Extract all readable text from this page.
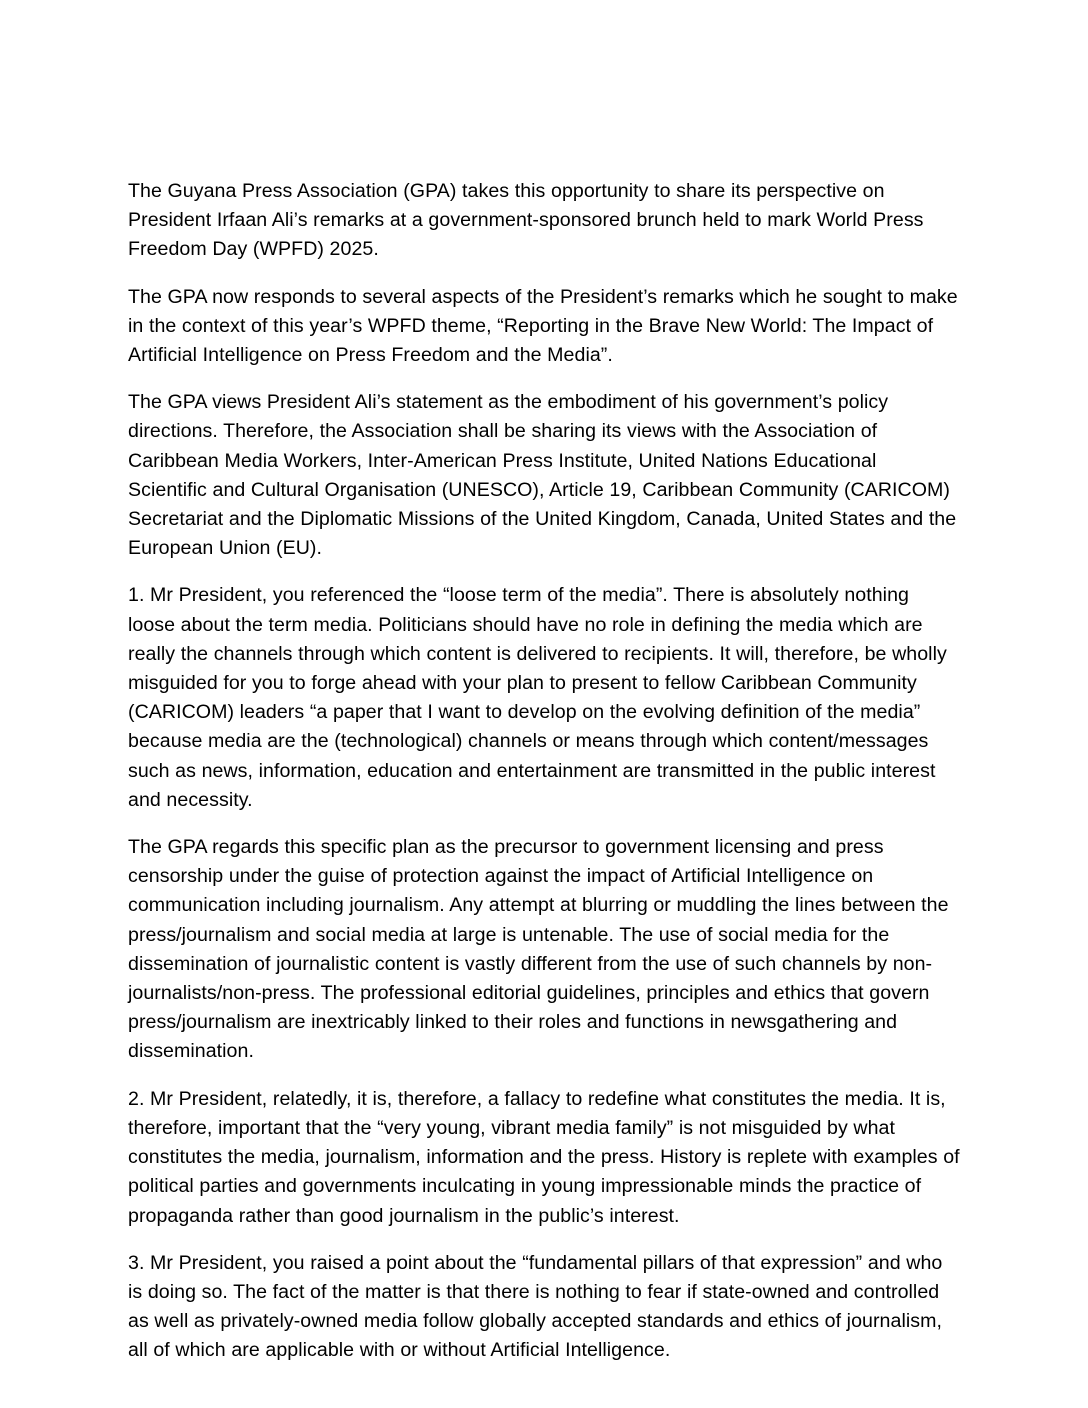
The Guyana Press Association (GPA) takes this opportunity to share its perspective on President Irfaan Ali’s remarks at a government-sponsored brunch held to mark World Press Freedom Day (WPFD) 2025.

The GPA now responds to several aspects of the President’s remarks which he sought to make in the context of this year’s WPFD theme, “Reporting in the Brave New World: The Impact of Artificial Intelligence on Press Freedom and the Media”.

The GPA views President Ali’s statement as the embodiment of his government’s policy directions. Therefore, the Association shall be sharing its views with the Association of Caribbean Media Workers, Inter-American Press Institute, United Nations Educational Scientific and Cultural Organisation (UNESCO), Article 19, Caribbean Community (CARICOM) Secretariat and the Diplomatic Missions of the United Kingdom, Canada, United States and the European Union (EU).

1. Mr President, you referenced the “loose term of the media”. There is absolutely nothing loose about the term media. Politicians should have no role in defining the media which are really the channels through which content is delivered to recipients. It will, therefore, be wholly misguided for you to forge ahead with your plan to present to fellow Caribbean Community (CARICOM) leaders “a paper that I want to develop on the evolving definition of the media” because media are the (technological) channels or means through which content/messages such as news, information, education and entertainment are transmitted in the public interest and necessity.

The GPA regards this specific plan as the precursor to government licensing and press censorship under the guise of protection against the impact of Artificial Intelligence on communication including journalism. Any attempt at blurring or muddling the lines between the press/journalism and social media at large is untenable. The use of social media for the dissemination of journalistic content is vastly different from the use of such channels by non-journalists/non-press. The professional editorial guidelines, principles and ethics that govern press/journalism are inextricably linked to their roles and functions in newsgathering and dissemination.

2. Mr President, relatedly, it is, therefore, a fallacy to redefine what constitutes the media. It is, therefore, important that the “very young, vibrant media family” is not misguided by what constitutes the media, journalism, information and the press. History is replete with examples of political parties and governments inculcating in young impressionable minds the practice of propaganda rather than good journalism in the public’s interest.

3. Mr President, you raised a point about the “fundamental pillars of that expression” and who is doing so. The fact of the matter is that there is nothing to fear if state-owned and controlled as well as privately-owned media follow globally accepted standards and ethics of journalism, all of which are applicable with or without Artificial Intelligence.
